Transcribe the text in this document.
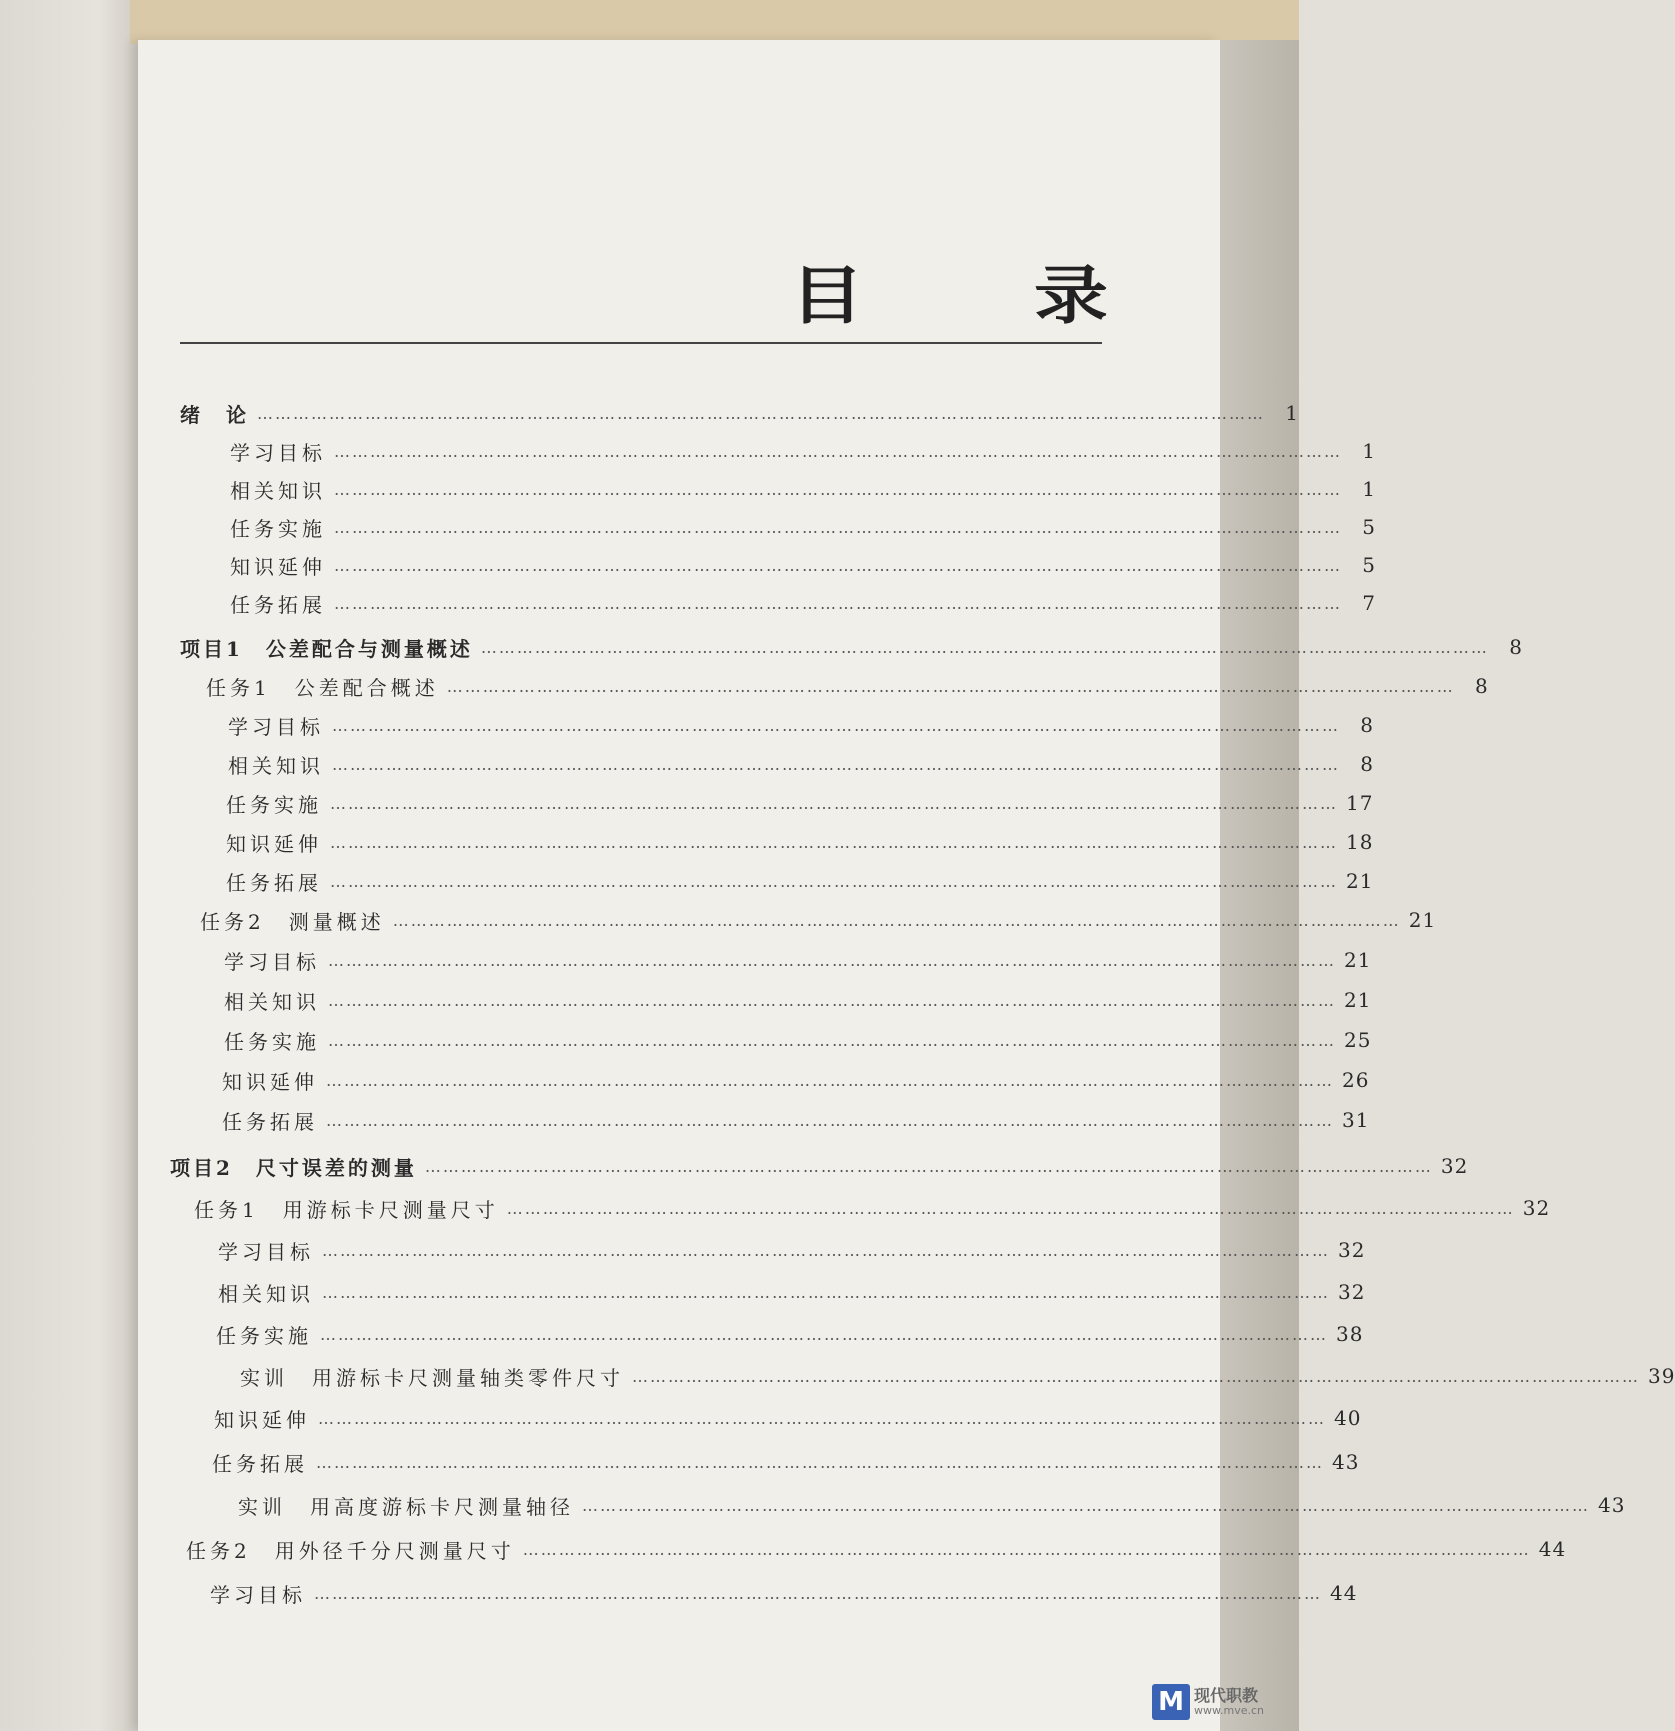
目　录
绪　论 ……………………………………………………………………………………………………………………………………………………	1
学习目标 ……………………………………………………………………………………………………………………………………………………	1
相关知识 ……………………………………………………………………………………………………………………………………………………	1
任务实施 ……………………………………………………………………………………………………………………………………………………	5
知识延伸 ……………………………………………………………………………………………………………………………………………………	5
任务拓展 ……………………………………………………………………………………………………………………………………………………	7
项目1　公差配合与测量概述 ……………………………………………………………………………………………………………………………………………………	8
任务1　公差配合概述 ……………………………………………………………………………………………………………………………………………………	8
学习目标 ……………………………………………………………………………………………………………………………………………………	8
相关知识 ……………………………………………………………………………………………………………………………………………………	8
任务实施 …………………………………………………………………………………………………………………………………………………… 17
知识延伸 …………………………………………………………………………………………………………………………………………………… 18
任务拓展 …………………………………………………………………………………………………………………………………………………… 21
任务2　测量概述 …………………………………………………………………………………………………………………………………………………… 21
学习目标 …………………………………………………………………………………………………………………………………………………… 21
相关知识 …………………………………………………………………………………………………………………………………………………… 21
任务实施 …………………………………………………………………………………………………………………………………………………… 25
知识延伸 …………………………………………………………………………………………………………………………………………………… 26
任务拓展 …………………………………………………………………………………………………………………………………………………… 31
项目2　尺寸误差的测量 …………………………………………………………………………………………………………………………………………………… 32
任务1　用游标卡尺测量尺寸 …………………………………………………………………………………………………………………………………………………… 32
学习目标 …………………………………………………………………………………………………………………………………………………… 32
相关知识 …………………………………………………………………………………………………………………………………………………… 32
任务实施 …………………………………………………………………………………………………………………………………………………… 38
实训　用游标卡尺测量轴类零件尺寸 …………………………………………………………………………………………………………………………………………………… 39
知识延伸 …………………………………………………………………………………………………………………………………………………… 40
任务拓展 …………………………………………………………………………………………………………………………………………………… 43
实训　用高度游标卡尺测量轴径 …………………………………………………………………………………………………………………………………………………… 43
任务2　用外径千分尺测量尺寸 …………………………………………………………………………………………………………………………………………………… 44
学习目标 …………………………………………………………………………………………………………………………………………………… 44
M 现代职教
www.mve.cn
